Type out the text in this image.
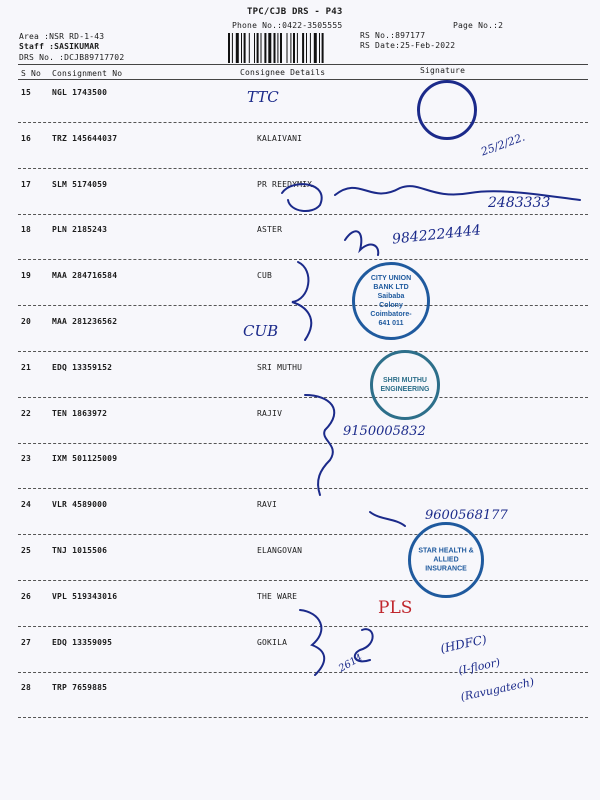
TPC/CJB DRS - P43
Phone No.:0422-3505555	Page No.:2
Area :NSR RD-1-43
Staff :SASIKUMAR
DRS No. :DCJB89717702
RS No.:897177
RS Date:25-Feb-2022
S No Consignment No	Consignee Details	Signature
15	NGL 1743500
16	TRZ 145644037	KALAIVANI
17	SLM 5174059	PR REEDYMIX
18	PLN 2185243	ASTER
19	MAA 284716584	CUB
20	MAA 281236562
21	EDQ 13359152	SRI MUTHU
22	TEN 1863972	RAJIV
23	IXM 501125009
24	VLR 4589000	RAVI
25	TNJ 1015506	ELANGOVAN
26	VPL 519343016	THE WARE
27	EDQ 13359095	GOKILA
28	TRP 7659885
TTC
25/2/22.
2483333
9842224444
CUB
9150005832
9600568177
PLS
2614
(HDFC)
(I-floor)
(Ravugatech)
CITY UNION BANK LTD
Saibaba Colony
Coimbatore-641 011
SHRI MUTHU ENGINEERING
STAR HEALTH & ALLIED INSURANCE
